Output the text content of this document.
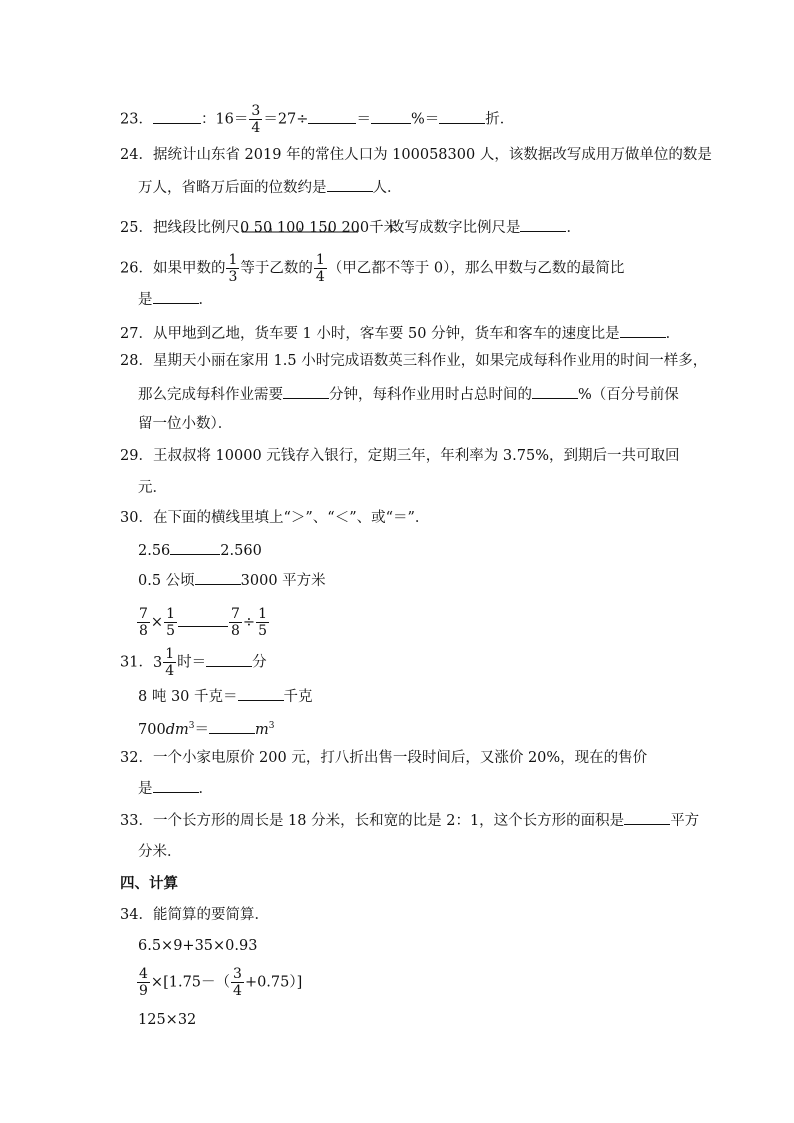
23．	：$16= \frac{3}{4} =27\div$	＝	%＝	折．
24．据统计山东省 2019 年的常住人口为 100058300 人，该数据改写成用万做单位的数是
万人，省略万后面的位数约是	人．
25．把线段比例尺
0 50 100 150 200千米改写成数字比例尺是	．
26．如果甲数的 $\frac{1}{3}$ 等于乙数的 $\frac{1}{4}$ （甲乙都不等于 0），那么甲数与乙数的最简比
是	．
27．从甲地到乙地，货车要 1 小时，客车要 50 分钟，货车和客车的速度比是	．
28．星期天小丽在家用 1.5 小时完成语数英三科作业，如果完成每科作业用的时间一样多，
那么完成每科作业需要	分钟，每科作业用时占总时间的	%（百分号前保
留一位小数）．
29．王叔叔将 10000 元钱存入银行，定期三年，年利率为 3.75%，到期后一共可取回
元．
30．在下面的横线里填上“＞”、“＜”、或“＝”．
2.56	2.560
0.5 公顷	3000 平方米
$\frac{7}{8} \times \frac{1}{5}$	$\frac{7}{8} \div \frac{1}{5}$
31． $3 \frac{1}{4}$ 时＝	分
8 吨 30 千克＝	千克
$700dm^3=$	$m^3$
32．一个小家电原价 200 元，打八折出售一段时间后，又涨价 20%，现在的售价
是	．
33．一个长方形的周长是 18 分米，长和宽的比是 2：1，这个长方形的面积是	平方
分米．
四、计算
34．能简算的要简算．
6.5×9+35×0.93
$\frac{4}{9} \times[1.75-( \frac{3}{4} +0.75)]$
125×32
